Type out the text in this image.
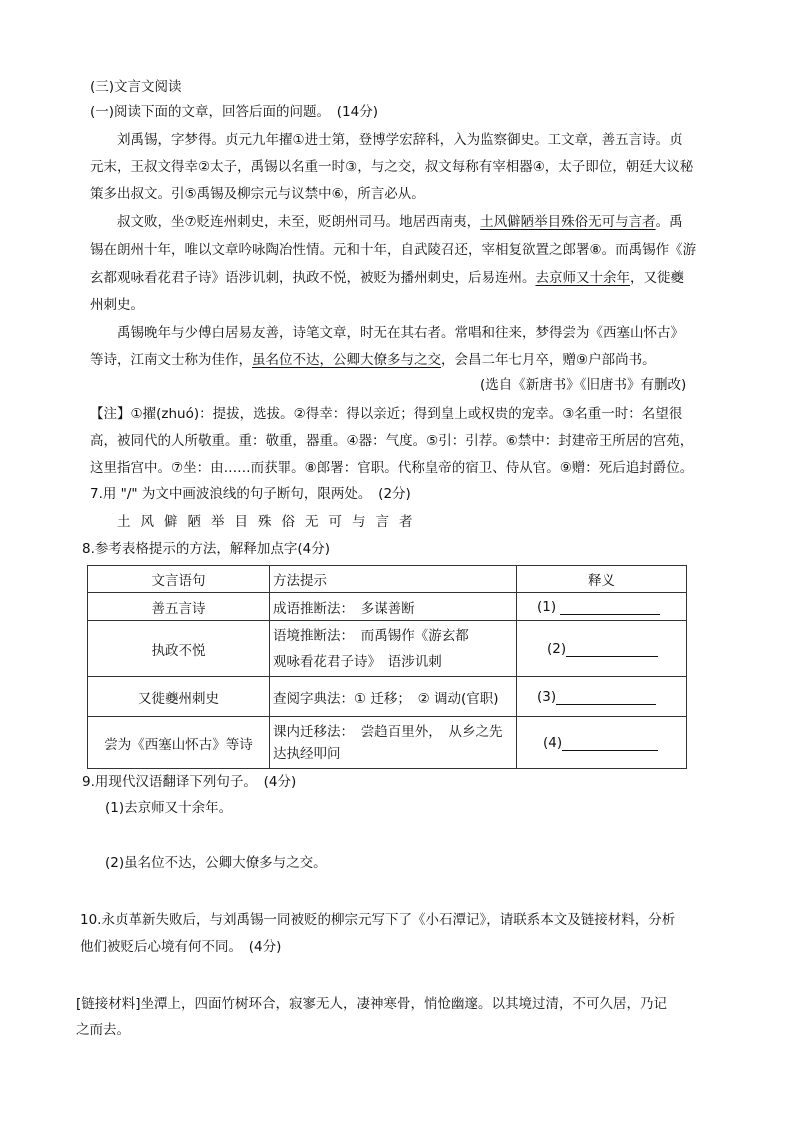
(三)文言文阅读
(一)阅读下面的文章，回答后面的问题。　(14分)
刘禹锡，字梦得。贞元九年擢①进士第，登博学宏辞科，入为监察御史。工文章，善五言诗。贞
元末，王叔文得幸②太子，禹锡以名重一时③，与之交，叔文每称有宰相器④，太子即位，朝廷大议秘
策多出叔文。引⑤禹锡及柳宗元与议禁中⑥，所言必从。
叔文败，坐⑦贬连州刺史，未至，贬朗州司马。地居西南夷，土风僻陋举目殊俗无可与言者。禹
锡在朗州十年，唯以文章吟咏陶冶性情。元和十年，自武陵召还，宰相复欲置之郎署⑧。而禹锡作《游
玄都观咏看花君子诗》语涉讥刺，执政不悦，被贬为播州刺史，后易连州。去京师又十余年，又徙夔
州刺史。
禹锡晚年与少傅白居易友善，诗笔文章，时无在其右者。常唱和往来，梦得尝为《西塞山怀古》
等诗，江南文士称为佳作，虽名位不达，公卿大僚多与之交，会昌二年七月卒，赠⑨户部尚书。
(选自《新唐书》《旧唐书》有删改)
【注】①擢(zhuó)：提拔，选拔。②得幸：得以亲近；得到皇上或权贵的宠幸。③名重一时：名望很
高，被同代的人所敬重。重：敬重，器重。④器：气度。⑤引：引荐。⑥禁中：封建帝王所居的宫苑，
这里指宫中。⑦坐：由……而获罪。⑧郎署：官职。代称皇帝的宿卫、侍从官。⑨赠：死后追封爵位。
7.用 "/" 为文中画波浪线的句子断句，限两处。　(2分)
土风僻陋举目殊俗无可与言者
8.参考表格提示的方法，解释加点字(4分)
文言语句	方法提示	释义
善五言诗	成语推断法：　多谋善断	(1)
执政不悦	语境推断法：　而禹锡作《游玄都
观咏看花君子诗》　语涉讥刺	(2)
又徙夔州刺史	查阅字典法：① 迁移；　② 调动(官职)	(3)
尝为《西塞山怀古》等诗	课内迁移法：　尝趋百里外，　从乡之先
达执经叩问	(4)
9.用现代汉语翻译下列句子。　(4分)
(1)去京师又十余年。
(2)虽名位不达，公卿大僚多与之交。
10.永贞革新失败后，与刘禹锡一同被贬的柳宗元写下了《小石潭记》，请联系本文及链接材料，分析
他们被贬后心境有何不同。　(4分)
[链接材料]坐潭上，四面竹树环合，寂寥无人，凄神寒骨，悄怆幽邃。以其境过清，不可久居，乃记
之而去。
